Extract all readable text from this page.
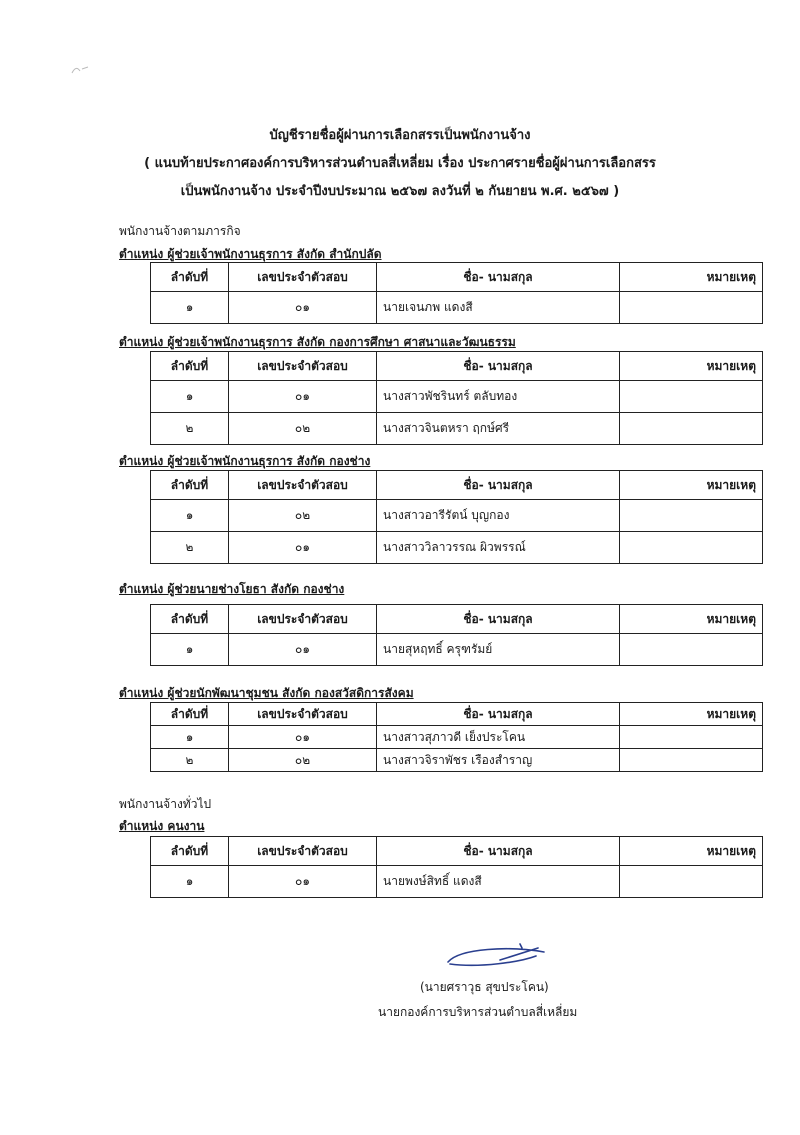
บัญชีรายชื่อผู้ผ่านการเลือกสรรเป็นพนักงานจ้าง
( แนบท้ายประกาศองค์การบริหารส่วนตำบลสี่เหลี่ยม เรื่อง ประกาศรายชื่อผู้ผ่านการเลือกสรร
เป็นพนักงานจ้าง ประจำปีงบประมาณ ๒๕๖๗ ลงวันที่ ๒ กันยายน พ.ศ. ๒๕๖๗ )
พนักงานจ้างตามภารกิจ
ตำแหน่ง ผู้ช่วยเจ้าพนักงานธุรการ สังกัด สำนักปลัด
ลำดับที่	เลขประจำตัวสอบ	ชื่อ- นามสกุล	หมายเหตุ
๑	๐๑	นายเจนภพ แดงสี	
ตำแหน่ง ผู้ช่วยเจ้าพนักงานธุรการ สังกัด กองการศึกษา ศาสนาและวัฒนธรรม
ลำดับที่	เลขประจำตัวสอบ	ชื่อ- นามสกุล	หมายเหตุ
๑	๐๑	นางสาวพัชรินทร์ ตลับทอง	
๒	๐๒	นางสาวจินตหรา ฤกษ์ศรี	
ตำแหน่ง ผู้ช่วยเจ้าพนักงานธุรการ สังกัด กองช่าง
ลำดับที่	เลขประจำตัวสอบ	ชื่อ- นามสกุล	หมายเหตุ
๑	๐๒	นางสาวอารีรัตน์ บุญกอง	
๒	๐๑	นางสาววิลาวรรณ ผิวพรรณ์	
ตำแหน่ง ผู้ช่วยนายช่างโยธา สังกัด กองช่าง
ลำดับที่	เลขประจำตัวสอบ	ชื่อ- นามสกุล	หมายเหตุ
๑	๐๑	นายสุหฤทธิ์ ครุฑรัมย์	
ตำแหน่ง ผู้ช่วยนักพัฒนาชุมชน สังกัด กองสวัสดิการสังคม
ลำดับที่	เลขประจำตัวสอบ	ชื่อ- นามสกุล	หมายเหตุ
๑	๐๑	นางสาวสุภาวดี เย็งประโคน	
๒	๐๒	นางสาวจิราพัชร เรืองสำราญ	
พนักงานจ้างทั่วไป
ตำแหน่ง คนงาน
ลำดับที่	เลขประจำตัวสอบ	ชื่อ- นามสกุล	หมายเหตุ
๑	๐๑	นายพงษ์สิทธิ์ แดงสี	
(นายศราวุธ สุขประโคน)
นายกองค์การบริหารส่วนตำบลสี่เหลี่ยม
